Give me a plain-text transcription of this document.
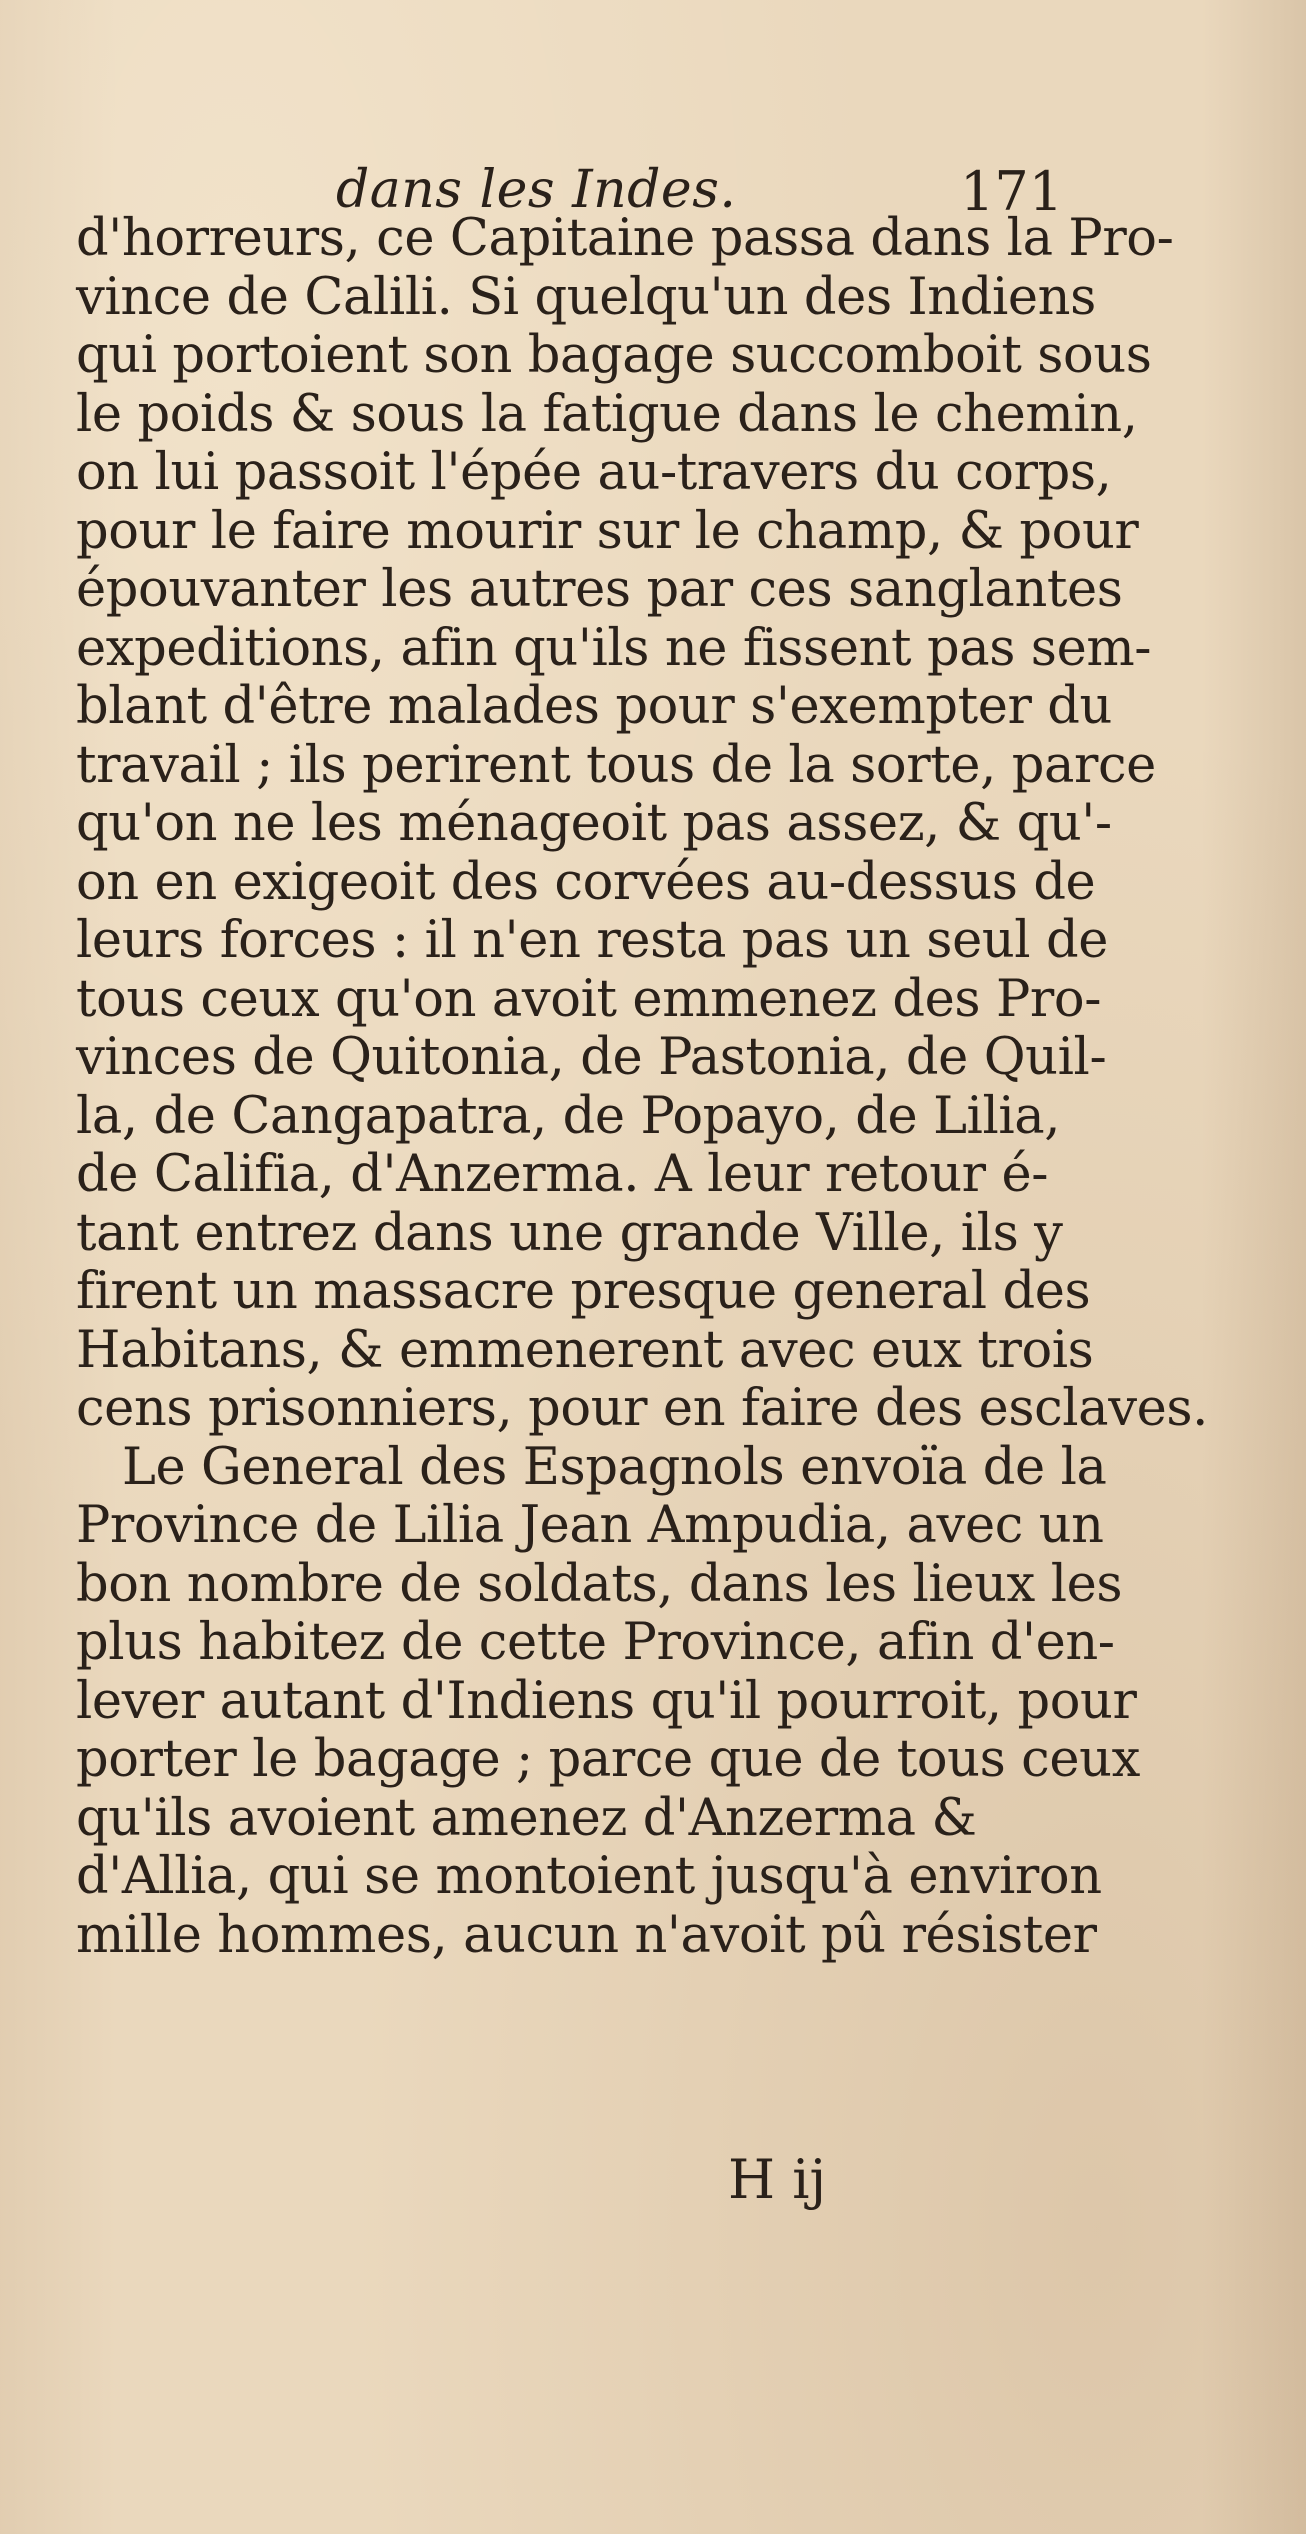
dans les Indes.	171
d'horreurs, ce Capitaine passa dans la Pro-
vince de Calili. Si quelqu'un des Indiens
qui portoient son bagage succomboit sous
le poids & sous la fatigue dans le chemin,
on lui passoit l'épée au-travers du corps,
pour le faire mourir sur le champ, & pour
épouvanter les autres par ces sanglantes
expeditions, afin qu'ils ne fissent pas sem-
blant d'être malades pour s'exempter du
travail ; ils perirent tous de la sorte, parce
qu'on ne les ménageoit pas assez, & qu'-
on en exigeoit des corvées au-dessus de
leurs forces : il n'en resta pas un seul de
tous ceux qu'on avoit emmenez des Pro-
vinces de Quitonia, de Pastonia, de Quil-
la, de Cangapatra, de Popayo, de Lilia,
de Califia, d'Anzerma. A leur retour é-
tant entrez dans une grande Ville, ils y
firent un massacre presque general des
Habitans, & emmenerent avec eux trois
cens prisonniers, pour en faire des esclaves.
Le General des Espagnols envoïa de la
Province de Lilia Jean Ampudia, avec un
bon nombre de soldats, dans les lieux les
plus habitez de cette Province, afin d'en-
lever autant d'Indiens qu'il pourroit, pour
porter le bagage ; parce que de tous ceux
qu'ils avoient amenez d'Anzerma &
d'Allia, qui se montoient jusqu'à environ
mille hommes, aucun n'avoit pû résister
H ij
